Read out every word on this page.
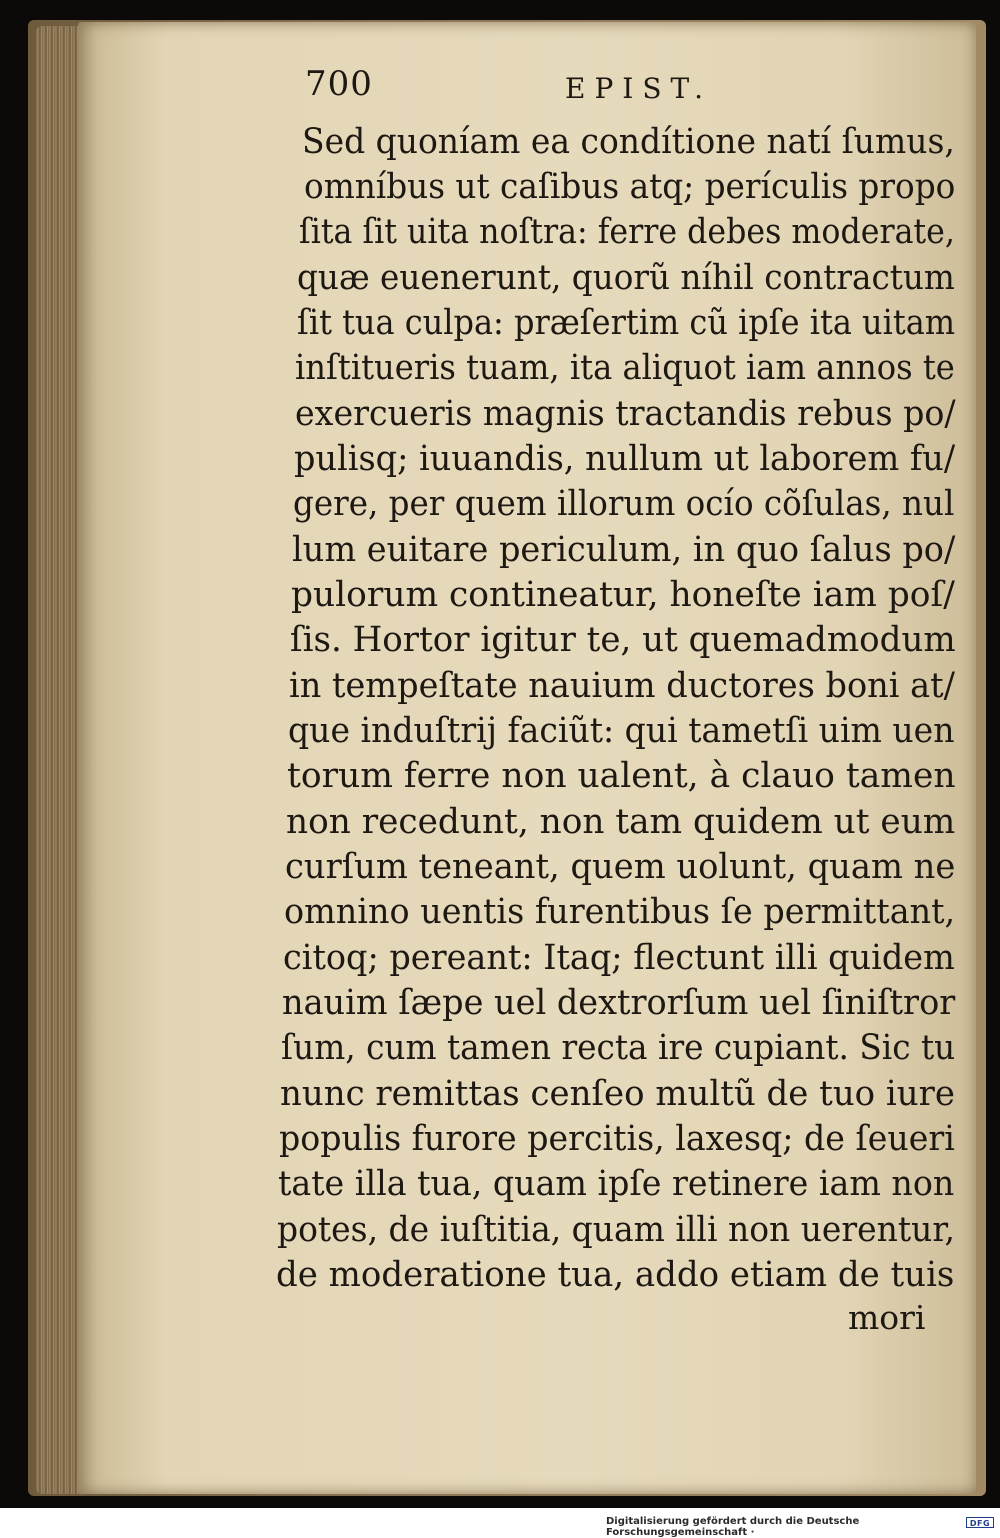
700	EPIST.
Sed quoníam ea condítione natí ſumus,
omníbus ut caſibus atq; perículis propo
ſita ſit uita noſtra: ferre debes moderate,
quæ euenerunt, quorũ níhil contractum
ſit tua culpa: præſertim cũ ipſe ita uitam
inſtitueris tuam, ita aliquot iam annos te
exercueris magnis tractandis rebus po/
pulisq; iuuandis, nullum ut laborem fu/
gere, per quem illorum ocío cõſulas, nul
lum euitare periculum, in quo ſalus po/
pulorum contineatur, honeſte iam poſ/
ſis. Hortor igitur te, ut quemadmodum
in tempeſtate nauium ductores boni at/
que induſtrij faciũt: qui tametſi uim uen
torum ferre non ualent, à clauo tamen
non recedunt, non tam quidem ut eum
curſum teneant, quem uolunt, quam ne
omnino uentis furentibus ſe permittant,
citoq; pereant: Itaq; flectunt illi quidem
nauim ſæpe uel dextrorſum uel ſiniſtror
ſum, cum tamen recta ire cupiant. Sic tu
nunc remittas cenſeo multũ de tuo iure
populis furore percitis, laxesq; de ſeueri
tate illa tua, quam ipſe retinere iam non
potes, de iuſtitia, quam illi non uerentur,
de moderatione tua, addo etiam de tuis
mori
Digitalisierung gefördert durch die Deutsche Forschungsgemeinschaft ·
DFG
